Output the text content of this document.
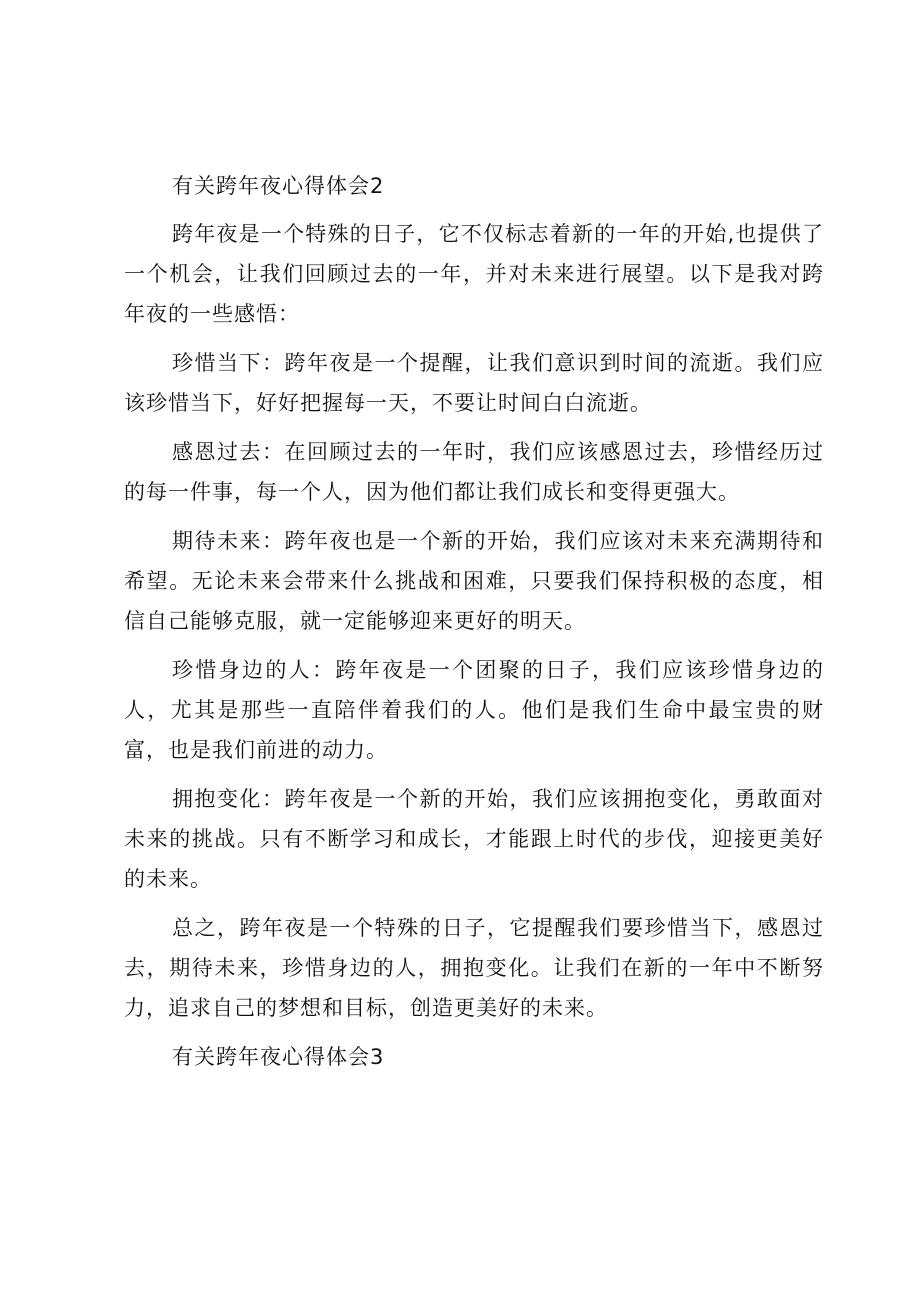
有关跨年夜心得体会2

跨年夜是一个特殊的日子，它不仅标志着新的一年的开始,也提供了一个机会，让我们回顾过去的一年，并对未来进行展望。以下是我对跨年夜的一些感悟：

珍惜当下：跨年夜是一个提醒，让我们意识到时间的流逝。我们应该珍惜当下，好好把握每一天，不要让时间白白流逝。

感恩过去：在回顾过去的一年时，我们应该感恩过去，珍惜经历过的每一件事，每一个人，因为他们都让我们成长和变得更强大。

期待未来：跨年夜也是一个新的开始，我们应该对未来充满期待和希望。无论未来会带来什么挑战和困难，只要我们保持积极的态度，相信自己能够克服，就一定能够迎来更好的明天。

珍惜身边的人：跨年夜是一个团聚的日子，我们应该珍惜身边的人，尤其是那些一直陪伴着我们的人。他们是我们生命中最宝贵的财富，也是我们前进的动力。

拥抱变化：跨年夜是一个新的开始，我们应该拥抱变化，勇敢面对未来的挑战。只有不断学习和成长，才能跟上时代的步伐，迎接更美好的未来。

总之，跨年夜是一个特殊的日子，它提醒我们要珍惜当下，感恩过去，期待未来，珍惜身边的人，拥抱变化。让我们在新的一年中不断努力，追求自己的梦想和目标，创造更美好的未来。

有关跨年夜心得体会3
